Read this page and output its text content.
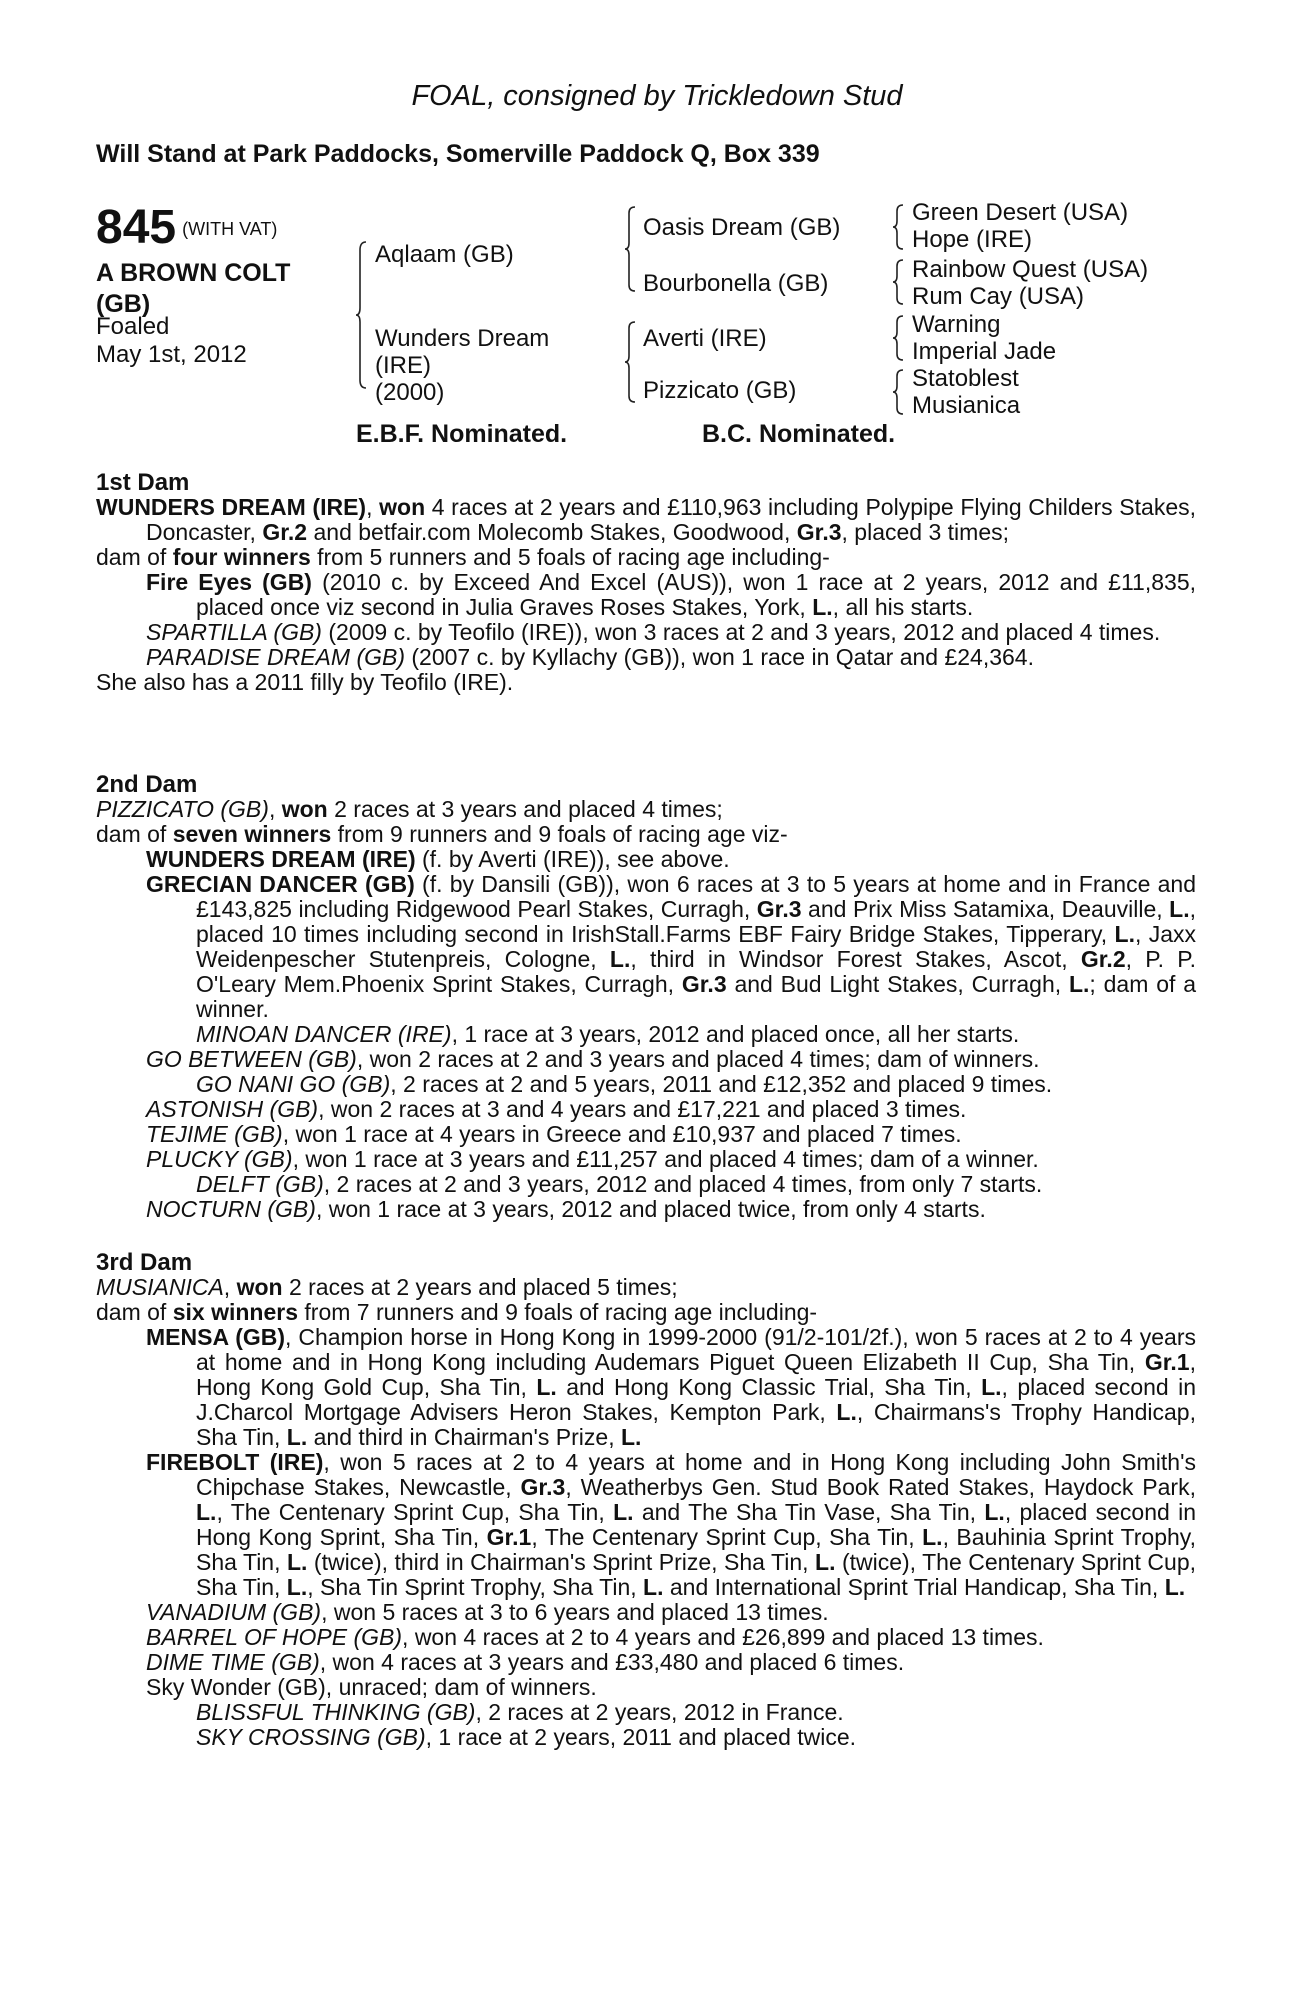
FOAL, consigned by Trickledown Stud
Will Stand at Park Paddocks, Somerville Paddock Q, Box 339
845 (WITH VAT)
A BROWN COLT
(GB)
Foaled
May 1st, 2012
Aqlaam (GB)
Wunders Dream
(IRE)
(2000)
Oasis Dream (GB)
Bourbonella (GB)
Averti (IRE)
Pizzicato (GB)
Green Desert (USA)
Hope (IRE)
Rainbow Quest (USA)
Rum Cay (USA)
Warning
Imperial Jade
Statoblest
Musianica
E.B.F. Nominated.	B.C. Nominated.

1st Dam

WUNDERS DREAM (IRE), won 4 races at 2 years and £110,963 including Polypipe Flying Childers Stakes, Doncaster, Gr.2 and betfair.com Molecomb Stakes, Goodwood, Gr.3, placed 3 times;

dam of four winners from 5 runners and 5 foals of racing age including-

Fire Eyes (GB) (2010 c. by Exceed And Excel (AUS)), won 1 race at 2 years, 2012 and £11,835, placed once viz second in Julia Graves Roses Stakes, York, L., all his starts.

SPARTILLA (GB) (2009 c. by Teofilo (IRE)), won 3 races at 2 and 3 years, 2012 and placed 4 times.

PARADISE DREAM (GB) (2007 c. by Kyllachy (GB)), won 1 race in Qatar and £24,364.

She also has a 2011 filly by Teofilo (IRE).

2nd Dam

PIZZICATO (GB), won 2 races at 3 years and placed 4 times;

dam of seven winners from 9 runners and 9 foals of racing age viz-

WUNDERS DREAM (IRE) (f. by Averti (IRE)), see above.

GRECIAN DANCER (GB) (f. by Dansili (GB)), won 6 races at 3 to 5 years at home and in France and £143,825 including Ridgewood Pearl Stakes, Curragh, Gr.3 and Prix Miss Satamixa, Deauville, L., placed 10 times including second in IrishStall.Farms EBF Fairy Bridge Stakes, Tipperary, L., Jaxx Weidenpescher Stutenpreis, Cologne, L., third in Windsor Forest Stakes, Ascot, Gr.2, P. P. O'Leary Mem.Phoenix Sprint Stakes, Curragh, Gr.3 and Bud Light Stakes, Curragh, L.; dam of a winner.

MINOAN DANCER (IRE), 1 race at 3 years, 2012 and placed once, all her starts.

GO BETWEEN (GB), won 2 races at 2 and 3 years and placed 4 times; dam of winners.

GO NANI GO (GB), 2 races at 2 and 5 years, 2011 and £12,352 and placed 9 times.

ASTONISH (GB), won 2 races at 3 and 4 years and £17,221 and placed 3 times.

TEJIME (GB), won 1 race at 4 years in Greece and £10,937 and placed 7 times.

PLUCKY (GB), won 1 race at 3 years and £11,257 and placed 4 times; dam of a winner.

DELFT (GB), 2 races at 2 and 3 years, 2012 and placed 4 times, from only 7 starts.

NOCTURN (GB), won 1 race at 3 years, 2012 and placed twice, from only 4 starts.

3rd Dam

MUSIANICA, won 2 races at 2 years and placed 5 times;

dam of six winners from 7 runners and 9 foals of racing age including-

MENSA (GB), Champion horse in Hong Kong in 1999-2000 (91/2-101/2f.), won 5 races at 2 to 4 years at home and in Hong Kong including Audemars Piguet Queen Elizabeth II Cup, Sha Tin, Gr.1, Hong Kong Gold Cup, Sha Tin, L. and Hong Kong Classic Trial, Sha Tin, L., placed second in J.Charcol Mortgage Advisers Heron Stakes, Kempton Park, L., Chairmans's Trophy Handicap, Sha Tin, L. and third in Chairman's Prize, L.

FIREBOLT (IRE), won 5 races at 2 to 4 years at home and in Hong Kong including John Smith's Chipchase Stakes, Newcastle, Gr.3, Weatherbys Gen. Stud Book Rated Stakes, Haydock Park, L., The Centenary Sprint Cup, Sha Tin, L. and The Sha Tin Vase, Sha Tin, L., placed second in Hong Kong Sprint, Sha Tin, Gr.1, The Centenary Sprint Cup, Sha Tin, L., Bauhinia Sprint Trophy, Sha Tin, L. (twice), third in Chairman's Sprint Prize, Sha Tin, L. (twice), The Centenary Sprint Cup, Sha Tin, L., Sha Tin Sprint Trophy, Sha Tin, L. and International Sprint Trial Handicap, Sha Tin, L.

VANADIUM (GB), won 5 races at 3 to 6 years and placed 13 times.

BARREL OF HOPE (GB), won 4 races at 2 to 4 years and £26,899 and placed 13 times.

DIME TIME (GB), won 4 races at 3 years and £33,480 and placed 6 times.

Sky Wonder (GB), unraced; dam of winners.

BLISSFUL THINKING (GB), 2 races at 2 years, 2012 in France.

SKY CROSSING (GB), 1 race at 2 years, 2011 and placed twice.
